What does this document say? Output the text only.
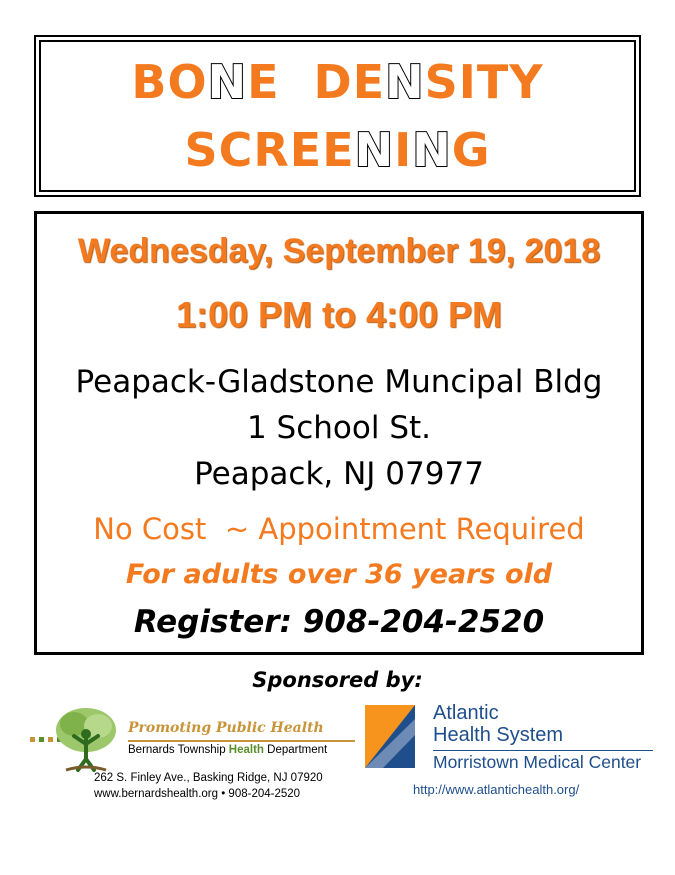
BONE  DENSITY
SCREENING
Wednesday, September 19, 2018
1:00 PM to 4:00 PM
Peapack-Gladstone Muncipal Bldg
1 School St.
Peapack, NJ 07977
No Cost  ~ Appointment Required
For adults over 36 years old
Register: 908-204-2520
Sponsored by:
Promoting Public Health
Bernards Township Health Department
262 S. Finley Ave., Basking Ridge, NJ 07920
www.bernardshealth.org • 908-204-2520
Atlantic
Health System
Morristown Medical Center
http://www.atlantichealth.org/
